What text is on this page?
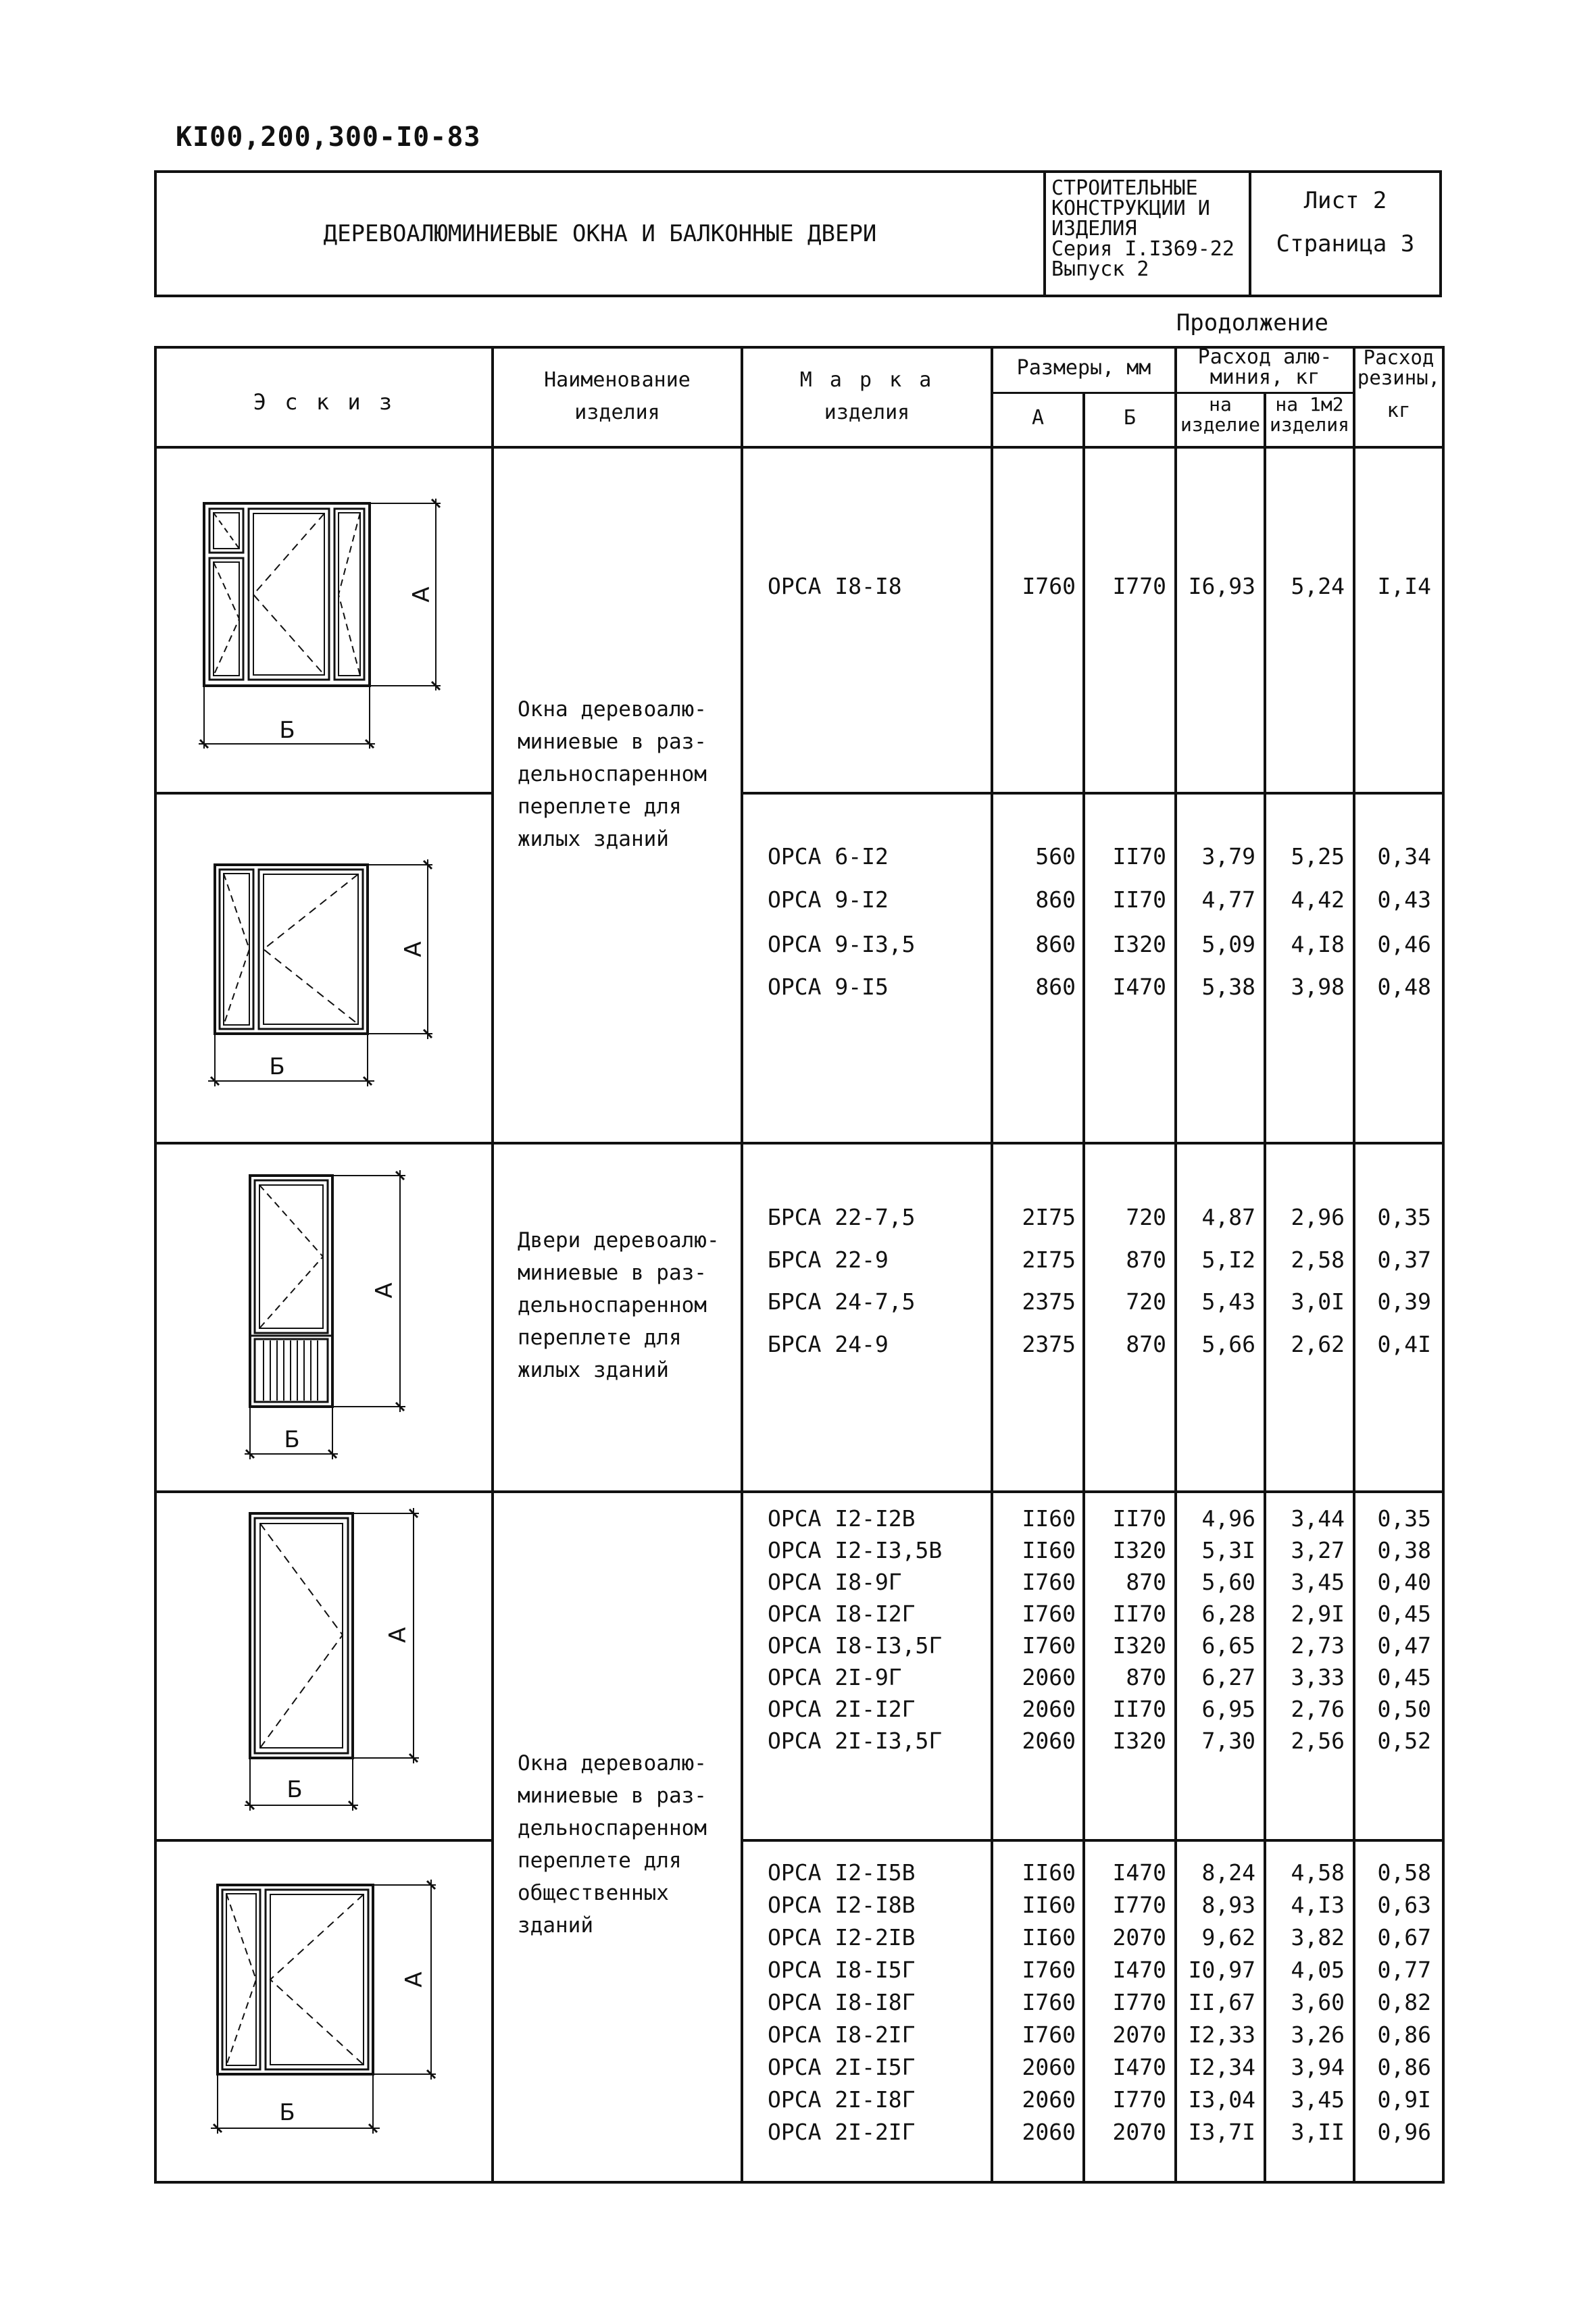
КI00,200,300-I0-83
ДЕРЕВОАЛЮМИНИЕВЫЕ ОКНА И БАЛКОННЫЕ ДВЕРИ
СТРОИТЕЛЬНЫЕ
КОНСТРУКЦИИ И
ИЗДЕЛИЯ
Серия I.I369-22
Выпуск 2
Лист 2
Страница 3
Продолжение
Э с к и з
Наименование
изделия
М а р к а
изделия
Размеры, мм
А	Б
Расход алю-
миния, кг
на
изделие
на 1м2
изделия
Расход
резины,
кг
Окна деревоалю-
миниевые в раз-
дельноспаренном
переплете для
жилых зданий
Двери деревоалю-
миниевые в раз-
дельноспаренном
переплете для
жилых зданий
Окна деревоалю-
миниевые в раз-
дельноспаренном
переплете для
общественных
зданий
ОРСА I8-I8	I760	I770 I6,93	5,24	I,I4
ОРСА 6-I2	560	II70	3,79	5,25	0,34
ОРСА 9-I2	860	II70	4,77	4,42	0,43
ОРСА 9-I3,5	860	I320	5,09	4,I8	0,46
ОРСА 9-I5	860	I470	5,38	3,98	0,48
БРСА 22-7,5	2I75	720	4,87	2,96	0,35
БРСА 22-9	2I75	870	5,I2	2,58	0,37
БРСА 24-7,5	2375	720	5,43	3,0I	0,39
БРСА 24-9	2375	870	5,66	2,62	0,4I
ОРСА I2-I2В	II60	II70	4,96	3,44	0,35
ОРСА I2-I3,5В	II60	I320	5,3I	3,27	0,38
ОРСА I8-9Г	I760	870	5,60	3,45	0,40
ОРСА I8-I2Г	I760	II70	6,28	2,9I	0,45
ОРСА I8-I3,5Г	I760	I320	6,65	2,73	0,47
ОРСА 2I-9Г	2060	870	6,27	3,33	0,45
ОРСА 2I-I2Г	2060	II70	6,95	2,76	0,50
ОРСА 2I-I3,5Г	2060	I320	7,30	2,56	0,52
ОРСА I2-I5В	II60	I470	8,24	4,58	0,58
ОРСА I2-I8В	II60	I770	8,93	4,I3	0,63
ОРСА I2-2IВ	II60	2070	9,62	3,82	0,67
ОРСА I8-I5Г	I760	I470 I0,97	4,05	0,77
ОРСА I8-I8Г	I760	I770 II,67	3,60	0,82
ОРСА I8-2IГ	I760	2070 I2,33	3,26	0,86
ОРСА 2I-I5Г	2060	I470 I2,34	3,94	0,86
ОРСА 2I-I8Г	2060	I770 I3,04	3,45	0,9I
ОРСА 2I-2IГ	2060	2070 I3,7I	3,II	0,96
А
Б
А
Б
А
Б
А
Б
А
Б
